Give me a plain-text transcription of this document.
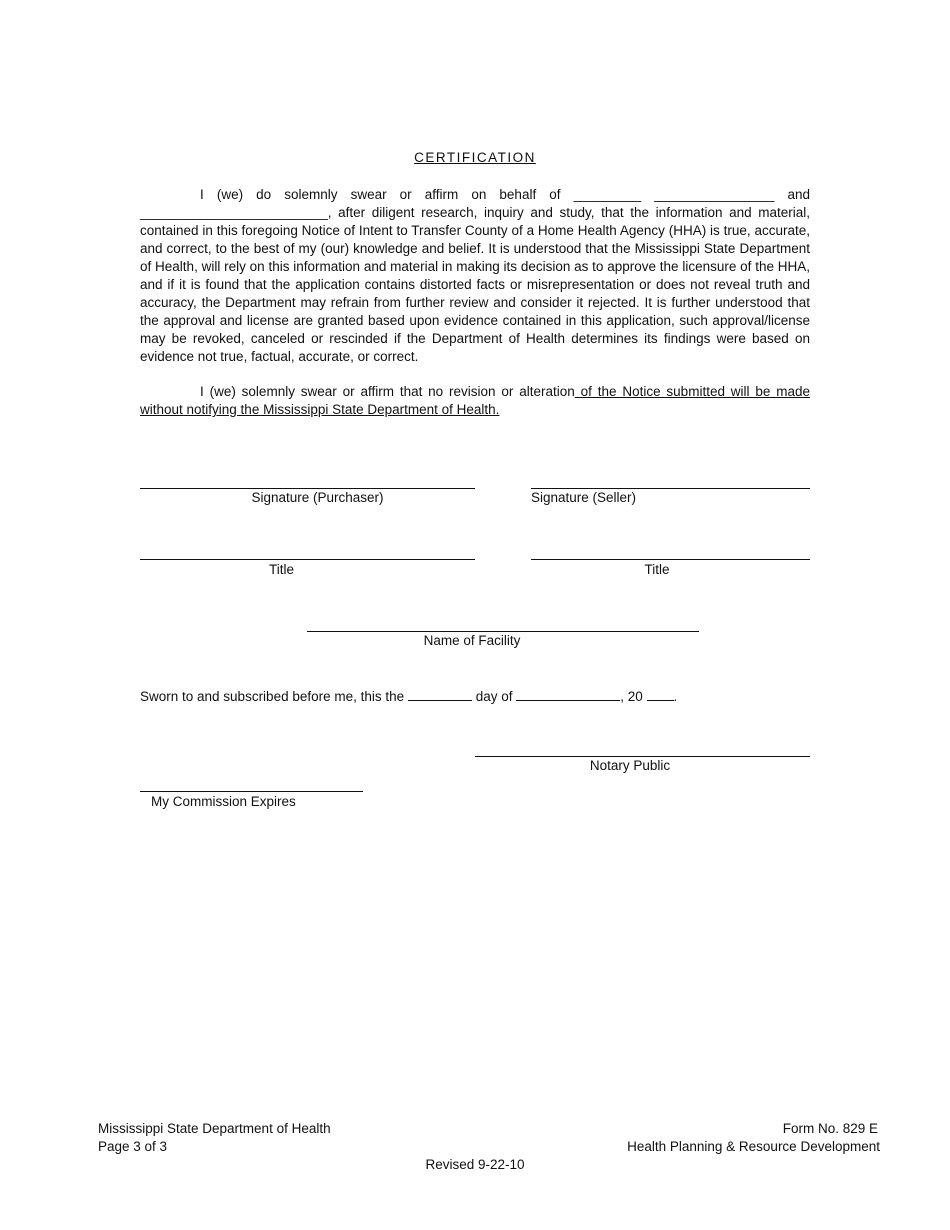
CERTIFICATION
I (we) do solemnly swear or affirm on behalf of _________ ________________ and _________________________, after diligent research, inquiry and study, that the information and material, contained in this foregoing Notice of Intent to Transfer County of a Home Health Agency (HHA) is true, accurate, and correct, to the best of my (our) knowledge and belief. It is understood that the Mississippi State Department of Health, will rely on this information and material in making its decision as to approve the licensure of the HHA, and if it is found that the application contains distorted facts or misrepresentation or does not reveal truth and accuracy, the Department may refrain from further review and consider it rejected. It is further understood that the approval and license are granted based upon evidence contained in this application, such approval/license may be revoked, canceled or rescinded if the Department of Health determines its findings were based on evidence not true, factual, accurate, or correct.
I (we) solemnly swear or affirm that no revision or alteration of the Notice submitted will be made without notifying the Mississippi State Department of Health.
Signature (Purchaser)	Signature (Seller)
Title	Title
Name of Facility
Sworn to and subscribed before me, this the	day of	, 20 .
Notary Public
My Commission Expires
Mississippi State Department of Health
Page 3 of 3
Form No. 829 E
Health Planning & Resource Development
Revised 9-22-10
